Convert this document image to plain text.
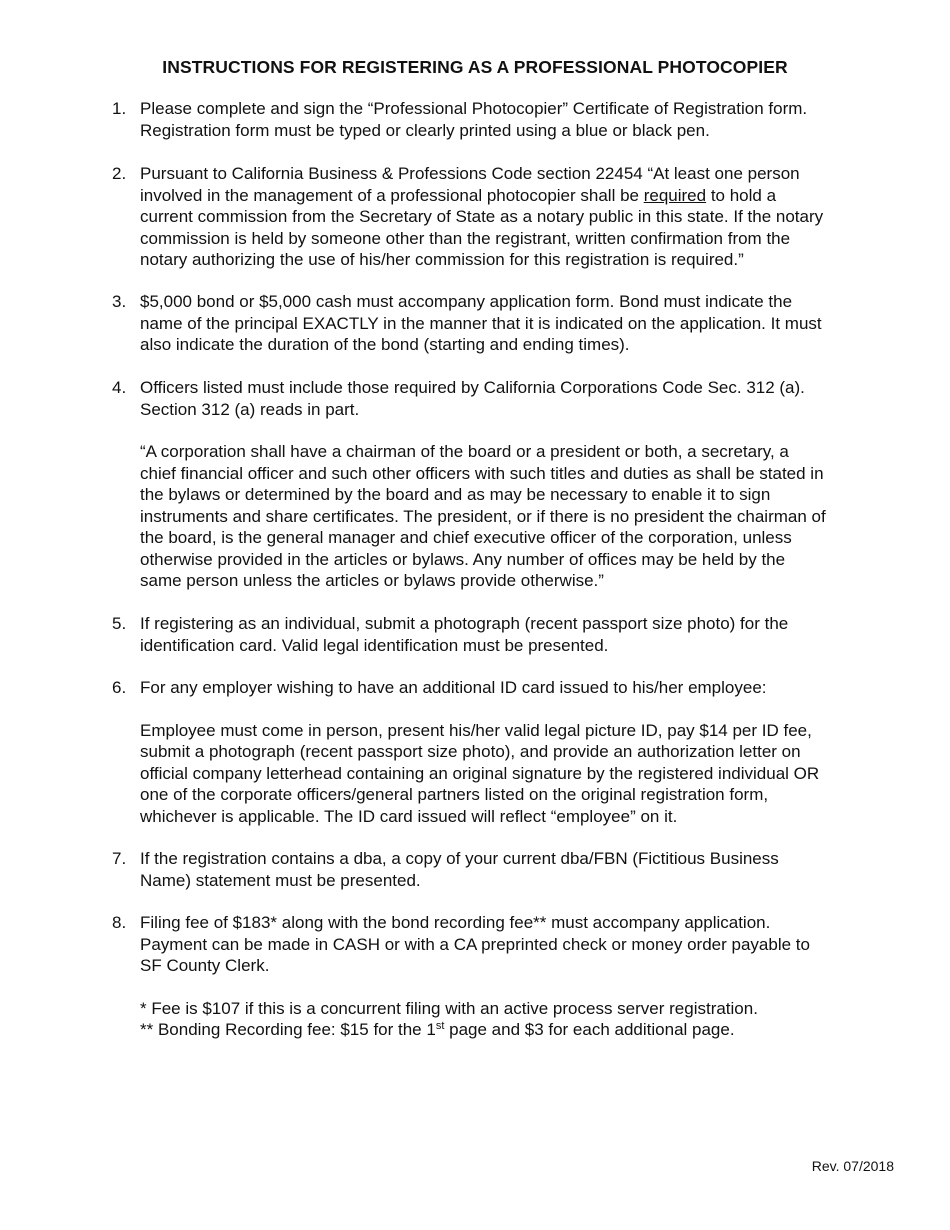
INSTRUCTIONS FOR REGISTERING AS A PROFESSIONAL PHOTOCOPIER
1. Please complete and sign the “Professional Photocopier” Certificate of Registration form.

Registration form must be typed or clearly printed using a blue or black pen.

2. Pursuant to California Business & Professions Code section 22454 “At least one person

involved in the management of a professional photocopier shall be required to hold a

current commission from the Secretary of State as a notary public in this state. If the notary

commission is held by someone other than the registrant, written confirmation from the

notary authorizing the use of his/her commission for this registration is required.”

3. $5,000 bond or $5,000 cash must accompany application form. Bond must indicate the

name of the principal EXACTLY in the manner that it is indicated on the application. It must

also indicate the duration of the bond (starting and ending times).

4. Officers listed must include those required by California Corporations Code Sec. 312 (a).

Section 312 (a) reads in part.

“A corporation shall have a chairman of the board or a president or both, a secretary, a

chief financial officer and such other officers with such titles and duties as shall be stated in

the bylaws or determined by the board and as may be necessary to enable it to sign

instruments and share certificates. The president, or if there is no president the chairman of

the board, is the general manager and chief executive officer of the corporation, unless

otherwise provided in the articles or bylaws. Any number of offices may be held by the

same person unless the articles or bylaws provide otherwise.”

5. If registering as an individual, submit a photograph (recent passport size photo) for the

identification card. Valid legal identification must be presented.

6. For any employer wishing to have an additional ID card issued to his/her employee:

Employee must come in person, present his/her valid legal picture ID, pay $14 per ID fee,

submit a photograph (recent passport size photo), and provide an authorization letter on

official company letterhead containing an original signature by the registered individual OR

one of the corporate officers/general partners listed on the original registration form,

whichever is applicable. The ID card issued will reflect “employee” on it.

7. If the registration contains a dba, a copy of your current dba/FBN (Fictitious Business

Name) statement must be presented.

8. Filing fee of $183* along with the bond recording fee** must accompany application.

Payment can be made in CASH or with a CA preprinted check or money order payable to

SF County Clerk.

* Fee is $107 if this is a concurrent filing with an active process server registration.

** Bonding Recording fee: $15 for the 1st page and $3 for each additional page.

Rev. 07/2018
